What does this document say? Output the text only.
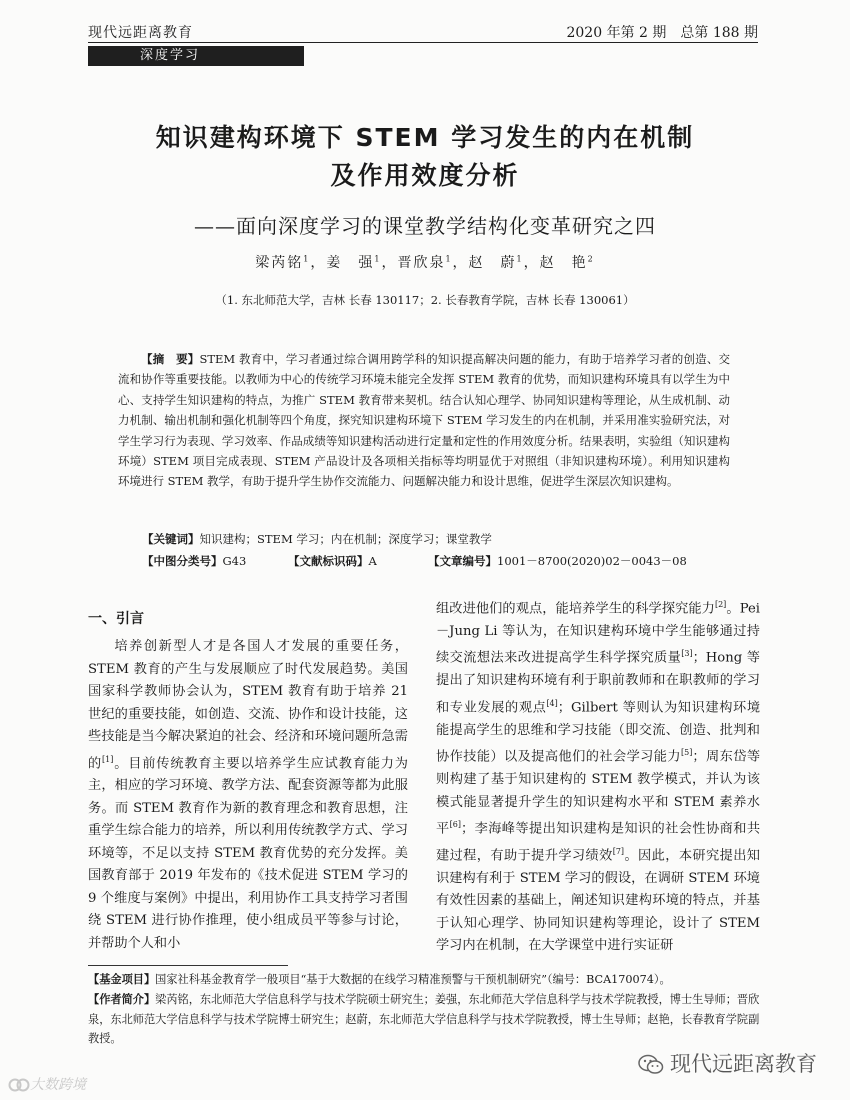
现代远距离教育	2020 年第 2 期　总第 188 期
深度学习
知识建构环境下 STEM 学习发生的内在机制
及作用效度分析
——面向深度学习的课堂教学结构化变革研究之四
梁芮铭$^1$，姜　强$^1$，晋欣泉$^1$，赵　蔚$^1$，赵　艳$^2$
（1. 东北师范大学，吉林 长春 130117；2. 长春教育学院，吉林 长春 130061）
【摘　要】STEM 教育中，学习者通过综合调用跨学科的知识提高解决问题的能力，有助于培养学习者的创造、交流和协作等重要技能。以教师为中心的传统学习环境未能完全发挥 STEM 教育的优势，而知识建构环境具有以学生为中心、支持学生知识建构的特点，为推广 STEM 教育带来契机。结合认知心理学、协同知识建构等理论，从生成机制、动力机制、输出机制和强化机制等四个角度，探究知识建构环境下 STEM 学习发生的内在机制，并采用准实验研究法，对学生学习行为表现、学习效率、作品成绩等知识建构活动进行定量和定性的作用效度分析。结果表明，实验组（知识建构环境）STEM 项目完成表现、STEM 产品设计及各项相关指标等均明显优于对照组（非知识建构环境）。利用知识建构环境进行 STEM 教学，有助于提升学生协作交流能力、问题解决能力和设计思维，促进学生深层次知识建构。
【关键词】知识建构；STEM 学习；内在机制；深度学习；课堂教学
【中图分类号】G43	【文献标识码】A	【文章编号】1001－8700(2020)02－0043－08
一、引言

培养创新型人才是各国人才发展的重要任务，STEM 教育的产生与发展顺应了时代发展趋势。美国国家科学教师协会认为，STEM 教育有助于培养 21 世纪的重要技能，如创造、交流、协作和设计技能，这些技能是当今解决紧迫的社会、经济和环境问题所急需的[1]。目前传统教育主要以培养学生应试教育能力为主，相应的学习环境、教学方法、配套资源等都为此服务。而 STEM 教育作为新的教育理念和教育思想，注重学生综合能力的培养，所以利用传统教学方式、学习环境等，不足以支持 STEM 教育优势的充分发挥。美国教育部于 2019 年发布的《技术促进 STEM 学习的 9 个维度与案例》中提出，利用协作工具支持学习者围绕 STEM 进行协作推理，使小组成员平等参与讨论，并帮助个人和小

组改进他们的观点，能培养学生的科学探究能力[2]。Pei－Jung Li 等认为，在知识建构环境中学生能够通过持续交流想法来改进提高学生科学探究质量[3]；Hong 等提出了知识建构环境有利于职前教师和在职教师的学习和专业发展的观点[4]；Gilbert 等则认为知识建构环境能提高学生的思维和学习技能（即交流、创造、批判和协作技能）以及提高他们的社会学习能力[5]；周东岱等则构建了基于知识建构的 STEM 教学模式，并认为该模式能显著提升学生的知识建构水平和 STEM 素养水平[6]；李海峰等提出知识建构是知识的社会性协商和共建过程，有助于提升学习绩效[7]。因此，本研究提出知识建构有利于 STEM 学习的假设，在调研 STEM 环境有效性因素的基础上，阐述知识建构环境的特点，并基于认知心理学、协同知识建构等理论，设计了 STEM 学习内在机制，在大学课堂中进行实证研

【基金项目】国家社科基金教育学一般项目“基于大数据的在线学习精准预警与干预机制研究”（编号：BCA170074）。
【作者简介】梁芮铭，东北师范大学信息科学与技术学院硕士研究生；姜强，东北师范大学信息科学与技术学院教授，博士生导师；晋欣泉，东北师范大学信息科学与技术学院博士研究生；赵蔚，东北师范大学信息科学与技术学院教授，博士生导师；赵艳，长春教育学院副教授。
现代远距离教育
大数跨境
